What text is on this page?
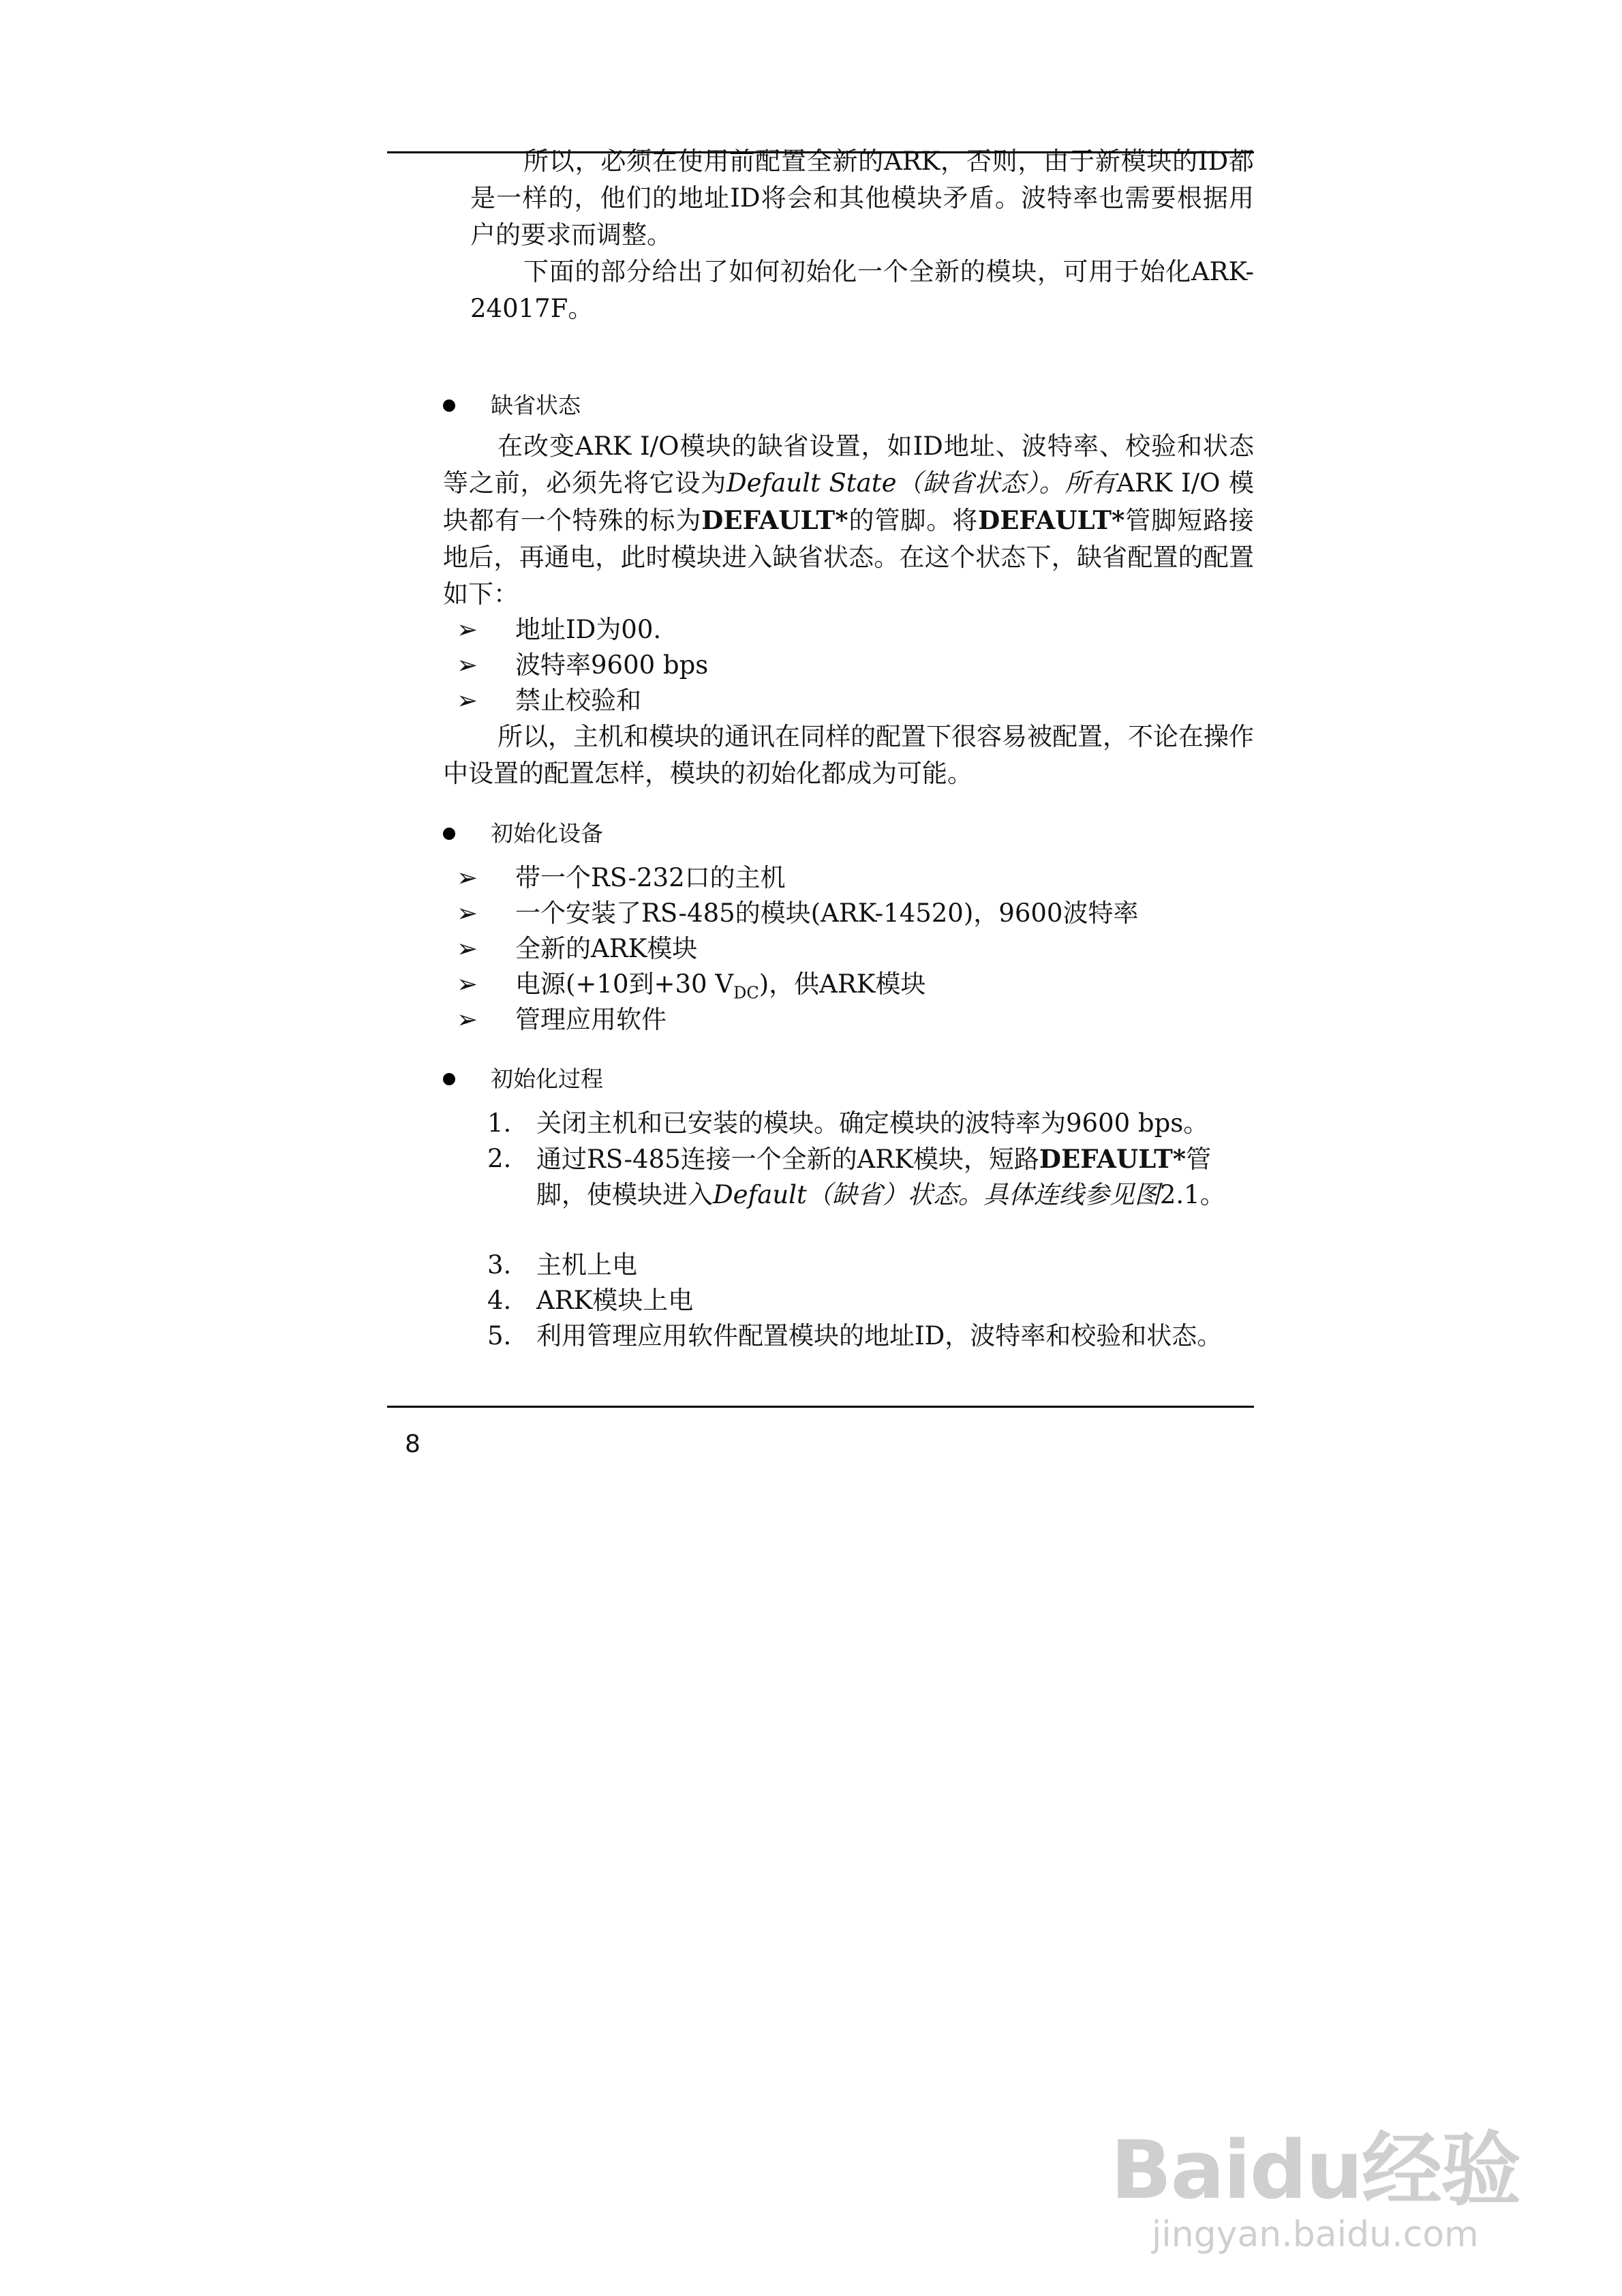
所以，必须在使用前配置全新的ARK，否则，由于新模块的ID都是一样的，他们的地址ID将会和其他模块矛盾。波特率也需要根据用户的要求而调整。

下面的部分给出了如何初始化一个全新的模块，可用于始化ARK-24017F。

缺省状态

在改变ARK I/O模块的缺省设置，如ID地址、波特率、校验和状态等之前，必须先将它设为Default State（缺省状态）。所有ARK I/O 模块都有一个特殊的标为DEFAULT*的管脚。将DEFAULT*管脚短路接地后，再通电，此时模块进入缺省状态。在这个状态下，缺省配置的配置如下：

➢ 地址ID为00.
➢ 波特率9600 bps
➢ 禁止校验和

所以，主机和模块的通讯在同样的配置下很容易被配置，不论在操作中设置的配置怎样，模块的初始化都成为可能。

初始化设备
➢ 带一个RS-232口的主机
➢ 一个安装了RS-485的模块(ARK-14520)，9600波特率
➢ 全新的ARK模块
➢ 电源(+10到+30 $V_{DC}$)，供ARK模块
➢ 管理应用软件
初始化过程
1. 关闭主机和已安装的模块。确定模块的波特率为9600 bps。
2. 通过RS-485连接一个全新的ARK模块，短路DEFAULT*管脚，使模块进入Default（缺省）状态。具体连线参见图2.1。
3. 主机上电
4. ARK模块上电
5. 利用管理应用软件配置模块的地址ID，波特率和校验和状态。
8
Baidu经验
jingyan.baidu.com
